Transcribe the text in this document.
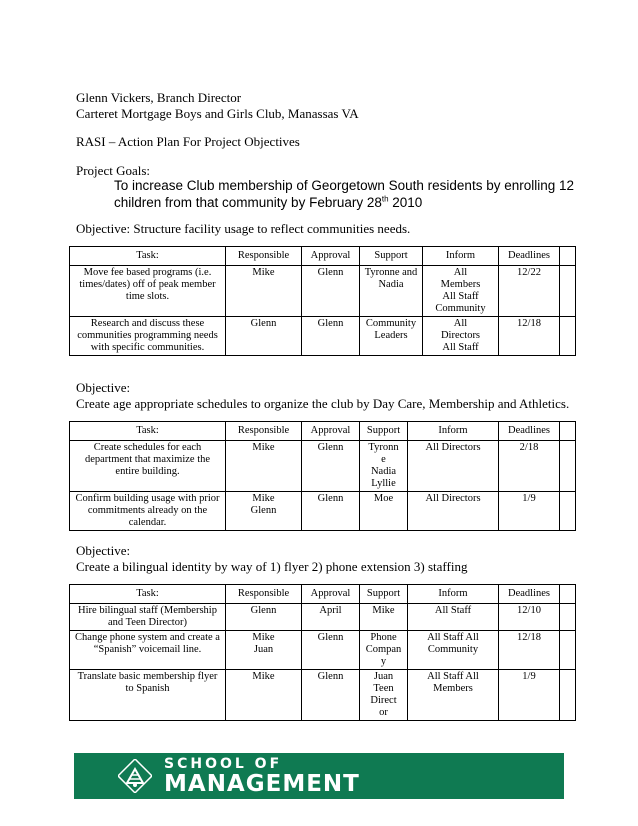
Glenn Vickers, Branch Director
Carteret Mortgage Boys and Girls Club, Manassas VA
RASI – Action Plan For Project Objectives
Project Goals:
To increase Club membership of Georgetown South residents by enrolling 12
children from that community by February 28th 2010
Objective: Structure facility usage to reflect communities needs.
Task:	Responsible	Approval	Support	Inform	Deadlines	
Move fee based programs (i.e. times/dates) off of peak member time slots.	Mike	Glenn	Tyronne and Nadia	All Members All Staff Community	12/22	
Research and discuss these communities programming needs with specific communities.	Glenn	Glenn	Community Leaders	All Directors All Staff	12/18	
Objective:
Create age appropriate schedules to organize the club by Day Care, Membership and Athletics.
Task:	Responsible	Approval	Support	Inform	Deadlines	
Create schedules for each department that maximize the entire building.	Mike	Glenn	Tyronne Nadia Lyllie	All Directors	2/18	
Confirm building usage with prior commitments already on the calendar.	Mike Glenn	Glenn	Moe	All Directors	1/9	
Objective:
Create a bilingual identity by way of 1) flyer 2) phone extension 3) staffing
Task:	Responsible	Approval	Support	Inform	Deadlines	
Hire bilingual staff (Membership and Teen Director)	Glenn	April	Mike	All Staff	12/10	
Change phone system and create a “Spanish” voicemail line.	Mike Juan	Glenn	Phone Compan y	All Staff All Community	12/18	
Translate basic membership flyer to Spanish	Mike	Glenn	Juan Teen Director	All Staff All Members	1/9	
SCHOOL OF
MANAGEMENT
